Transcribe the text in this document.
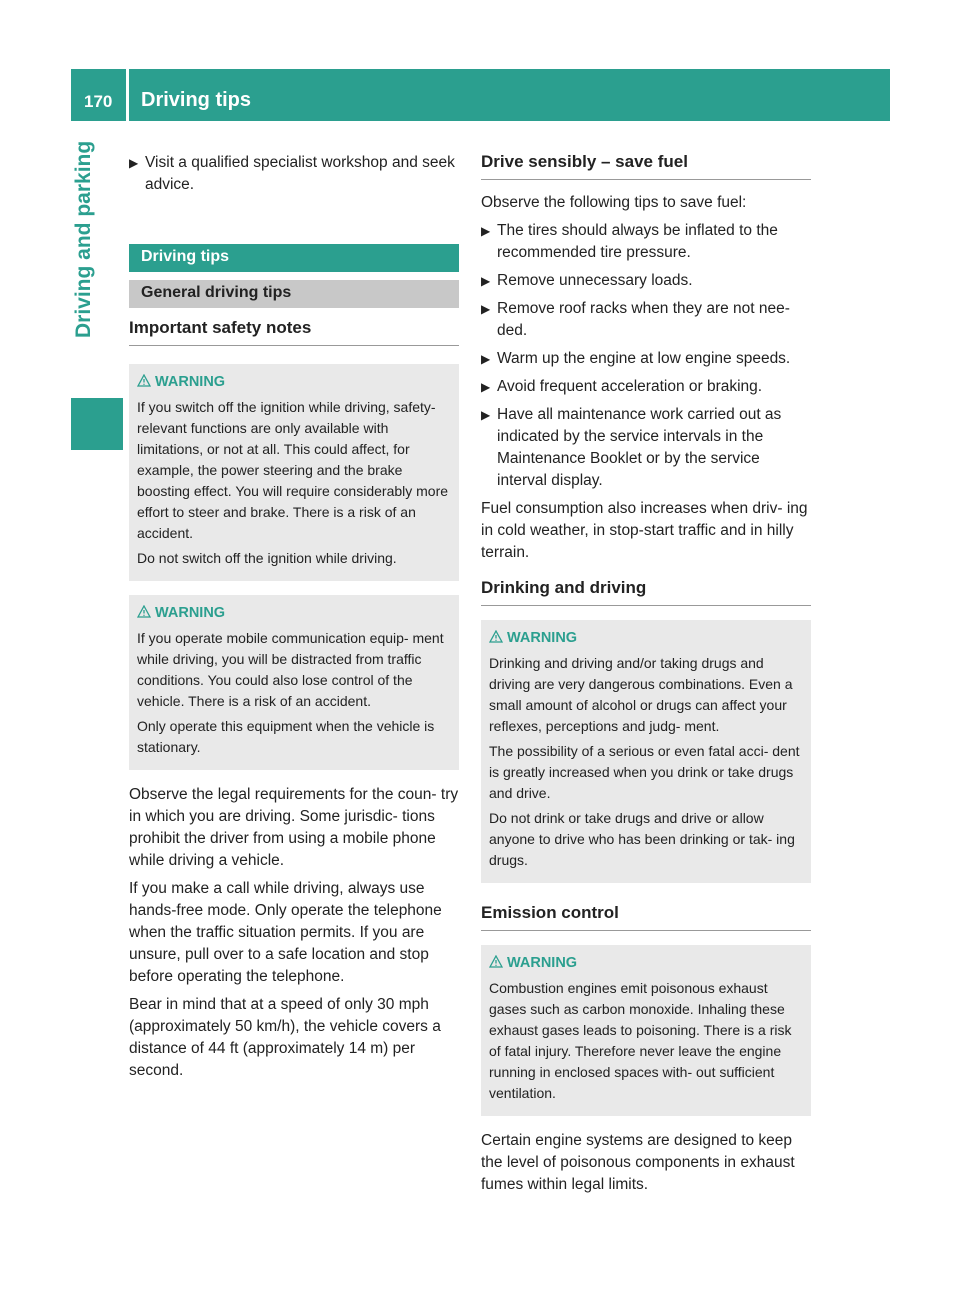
170 Driving tips
Driving and parking
▶	Visit a qualified specialist workshop and seek advice.
Driving tips
General driving tips
Important safety notes
WARNING

If you switch off the ignition while driving, safety-relevant functions are only available with limitations, or not at all. This could affect, for example, the power steering and the brake boosting effect. You will require considerably more effort to steer and brake. There is a risk of an accident.

Do not switch off the ignition while driving.

WARNING

If you operate mobile communication equip- ment while driving, you will be distracted from traffic conditions. You could also lose control of the vehicle. There is a risk of an accident.

Only operate this equipment when the vehicle is stationary.

Observe the legal requirements for the coun- try in which you are driving. Some jurisdic- tions prohibit the driver from using a mobile phone while driving a vehicle.

If you make a call while driving, always use hands-free mode. Only operate the telephone when the traffic situation permits. If you are unsure, pull over to a safe location and stop before operating the telephone.

Bear in mind that at a speed of only 30 mph (approximately 50 km/h), the vehicle covers a distance of 44 ft (approximately 14 m) per second.

Drive sensibly – save fuel

Observe the following tips to save fuel:

▶
The tires should always be inflated to the recommended tire pressure.
▶
Remove unnecessary loads.
▶
Remove roof racks when they are not nee- ded.
▶
Warm up the engine at low engine speeds.
▶
Avoid frequent acceleration or braking.
▶
Have all maintenance work carried out as indicated by the service intervals in the Maintenance Booklet or by the service interval display.

Fuel consumption also increases when driv- ing in cold weather, in stop-start traffic and in hilly terrain.

Drinking and driving
WARNING

Drinking and driving and/or taking drugs and driving are very dangerous combinations. Even a small amount of alcohol or drugs can affect your reflexes, perceptions and judg- ment.

The possibility of a serious or even fatal acci- dent is greatly increased when you drink or take drugs and drive.

Do not drink or take drugs and drive or allow anyone to drive who has been drinking or tak- ing drugs.

Emission control
WARNING

Combustion engines emit poisonous exhaust gases such as carbon monoxide. Inhaling these exhaust gases leads to poisoning. There is a risk of fatal injury. Therefore never leave the engine running in enclosed spaces with- out sufficient ventilation.

Certain engine systems are designed to keep the level of poisonous components in exhaust fumes within legal limits.
